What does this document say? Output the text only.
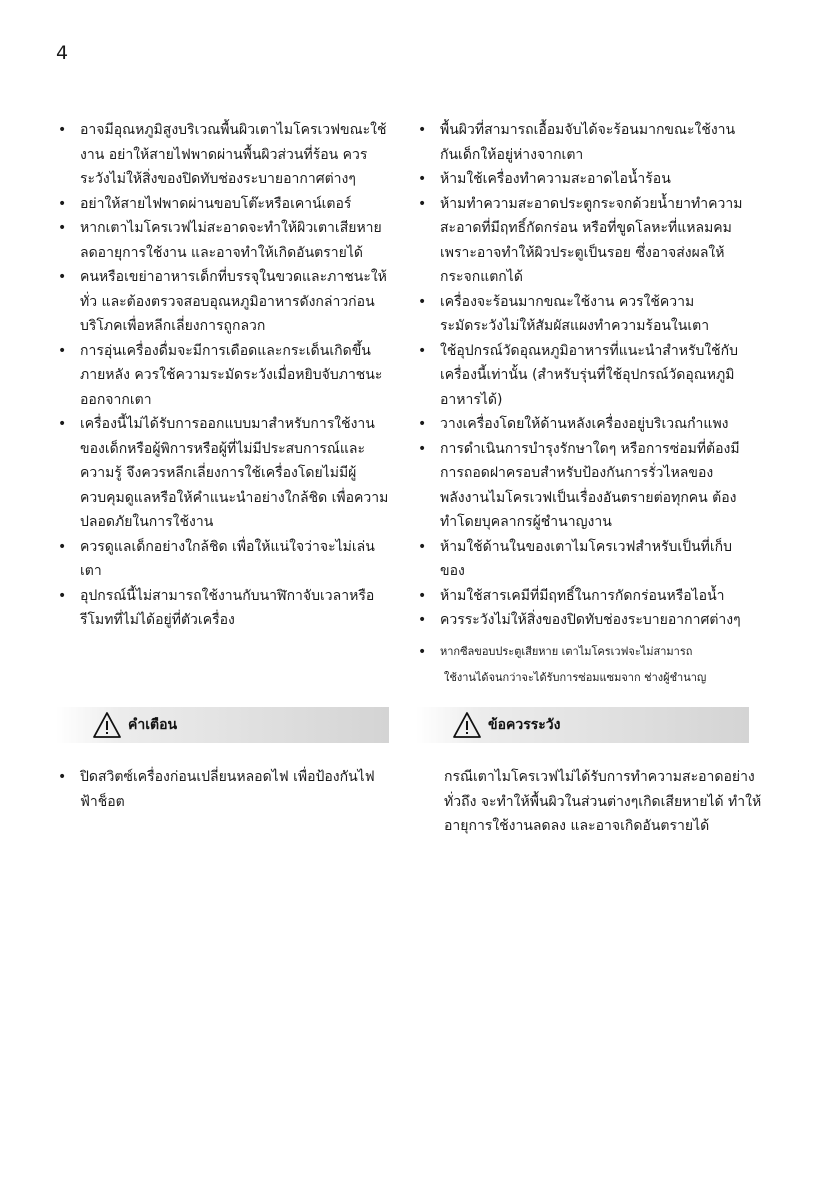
4
• อาจมีอุณหภูมิสูงบริเวณพื้นผิวเตาไมโครเวฟขณะใช้งาน อย่าให้สายไฟพาดผ่านพื้นผิวส่วนที่ร้อน ควรระวังไม่ให้สิ่งของปิดทับช่องระบายอากาศต่างๆ
• อย่าให้สายไฟพาดผ่านขอบโต๊ะหรือเคาน์เตอร์
• หากเตาไมโครเวฟไม่สะอาดจะทำให้ผิวเตาเสียหาย ลดอายุการใช้งาน และอาจทำให้เกิดอันตรายได้
• คนหรือเขย่าอาหารเด็กที่บรรจุในขวดและภาชนะให้ทั่ว และต้องตรวจสอบอุณหภูมิอาหารดังกล่าวก่อนบริโภคเพื่อหลีกเลี่ยงการถูกลวก
• การอุ่นเครื่องดื่มจะมีการเดือดและกระเด็นเกิดขึ้นภายหลัง ควรใช้ความระมัดระวังเมื่อหยิบจับภาชนะออกจากเตา
• เครื่องนี้ไม่ได้รับการออกแบบมาสำหรับการใช้งานของเด็กหรือผู้พิการหรือผู้ที่ไม่มีประสบการณ์และความรู้ จึงควรหลีกเลี่ยงการใช้เครื่องโดยไม่มีผู้ควบคุมดูแลหรือให้คำแนะนำอย่างใกล้ชิด เพื่อความปลอดภัยในการใช้งาน
• ควรดูแลเด็กอย่างใกล้ชิด เพื่อให้แน่ใจว่าจะไม่เล่นเตา
• อุปกรณ์นี้ไม่สามารถใช้งานกับนาฬิกาจับเวลาหรือรีโมทที่ไม่ได้อยู่ที่ตัวเครื่อง
• พื้นผิวที่สามารถเอื้อมจับได้จะร้อนมากขณะใช้งาน กันเด็กให้อยู่ห่างจากเตา
• ห้ามใช้เครื่องทำความสะอาดไอน้ำร้อน
• ห้ามทำความสะอาดประตูกระจกด้วยน้ำยาทำความสะอาดที่มีฤทธิ์กัดกร่อน หรือที่ขูดโลหะที่แหลมคม เพราะอาจทำให้ผิวประตูเป็นรอย ซึ่งอาจส่งผลให้กระจกแตกได้
• เครื่องจะร้อนมากขณะใช้งาน ควรใช้ความระมัดระวังไม่ให้สัมผัสแผงทำความร้อนในเตา
• ใช้อุปกรณ์วัดอุณหภูมิอาหารที่แนะนำสำหรับใช้กับเครื่องนี้เท่านั้น (สำหรับรุ่นที่ใช้อุปกรณ์วัดอุณหภูมิอาหารได้)
• วางเครื่องโดยให้ด้านหลังเครื่องอยู่บริเวณกำแพง
• การดำเนินการบำรุงรักษาใดๆ หรือการซ่อมที่ต้องมีการถอดฝาครอบสำหรับป้องกันการรั่วไหลของพลังงานไมโครเวฟเป็นเรื่องอันตรายต่อทุกคน ต้องทำโดยบุคลากรผู้ชำนาญงาน
• ห้ามใช้ด้านในของเตาไมโครเวฟสำหรับเป็นที่เก็บของ
• ห้ามใช้สารเคมีที่มีฤทธิ์ในการกัดกร่อนหรือไอน้ำ
• ควรระวังไม่ให้สิ่งของปิดทับช่องระบายอากาศต่างๆ
• หากซีลขอบประตูเสียหาย เตาไมโครเวฟจะไม่สามารถ
ใช้งานได้จนกว่าจะได้รับการซ่อมแซมจาก ช่างผู้ชำนาญ
คำเตือน	ข้อควรระวัง
• ปิดสวิตซ์เครื่องก่อนเปลี่ยนหลอดไฟ เพื่อป้องกันไฟฟ้าช็อต
กรณีเตาไมโครเวฟไม่ได้รับการทำความสะอาดอย่างทั่วถึง จะทำให้พื้นผิวในส่วนต่างๆเกิดเสียหายได้ ทำให้อายุการใช้งานลดลง และอาจเกิดอันตรายได้
